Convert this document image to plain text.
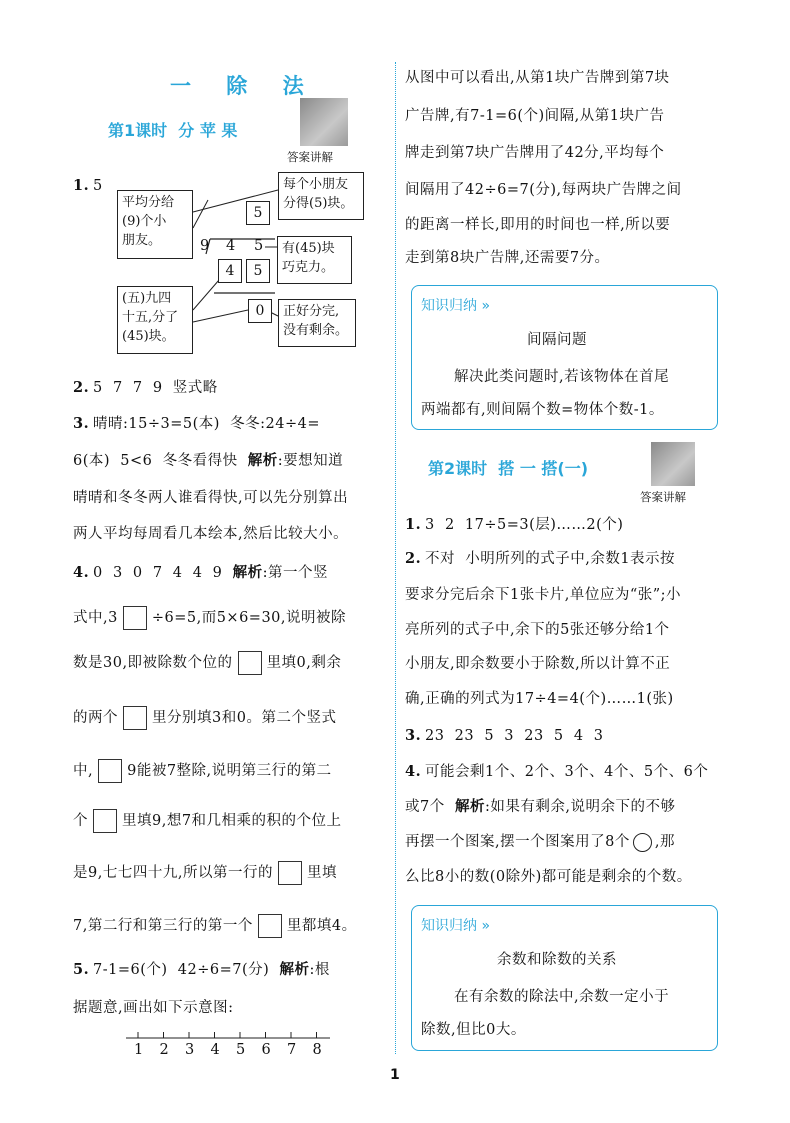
一 除 法
第1课时  分 苹 果
答案讲解
1. 5
平均分给
(9)个小
朋友。
每个小朋友
分得(5)块。
5
9 4 5 有(45)块
巧克力。
4	5
0
(五)九四
十五,分了
(45)块。
正好分完,
没有剩余。
2. 5  7  7  9  竖式略
3. 晴晴:15÷3=5(本)  冬冬:24÷4=
6(本)  5<6  冬冬看得快  解析:要想知道
晴晴和冬冬两人谁看得快,可以先分别算出
两人平均每周看几本绘本,然后比较大小。
4. 0  3  0  7  4  4  9  解析:第一个竖
式中,3 ÷6=5,而5×6=30,说明被除
数是30,即被除数个位的 里填0,剩余
的两个 里分别填3和0。第二个竖式
中, 9能被7整除,说明第三行的第二
个 里填9,想7和几相乘的积的个位上
是9,七七四十九,所以第一行的 里填
7,第二行和第三行的第一个 里都填4。
5. 7-1=6(个)  42÷6=7(分)  解析:根
据题意,画出如下示意图:
1 2 3 4 5 6 7 8
从图中可以看出,从第1块广告牌到第7块
广告牌,有7-1=6(个)间隔,从第1块广告
牌走到第7块广告牌用了42分,平均每个
间隔用了42÷6=7(分),每两块广告牌之间
的距离一样长,即用的时间也一样,所以要
走到第8块广告牌,还需要7分。
知识归纳 »
间隔问题
解决此类问题时,若该物体在首尾
两端都有,则间隔个数=物体个数-1。
第2课时  搭 一 搭(一)
答案讲解
1. 3  2  17÷5=3(层)……2(个)
2. 不对  小明所列的式子中,余数1表示按
要求分完后余下1张卡片,单位应为“张”;小
亮所列的式子中,余下的5张还够分给1个
小朋友,即余数要小于除数,所以计算不正
确,正确的列式为17÷4=4(个)……1(张)
3. 23  23  5  3  23  5  4  3
4. 可能会剩1个、2个、3个、4个、5个、6个
或7个  解析:如果有剩余,说明余下的不够
再摆一个图案,摆一个图案用了8个 ,那
么比8小的数(0除外)都可能是剩余的个数。
知识归纳 »
余数和除数的关系
在有余数的除法中,余数一定小于
除数,但比0大。
1
